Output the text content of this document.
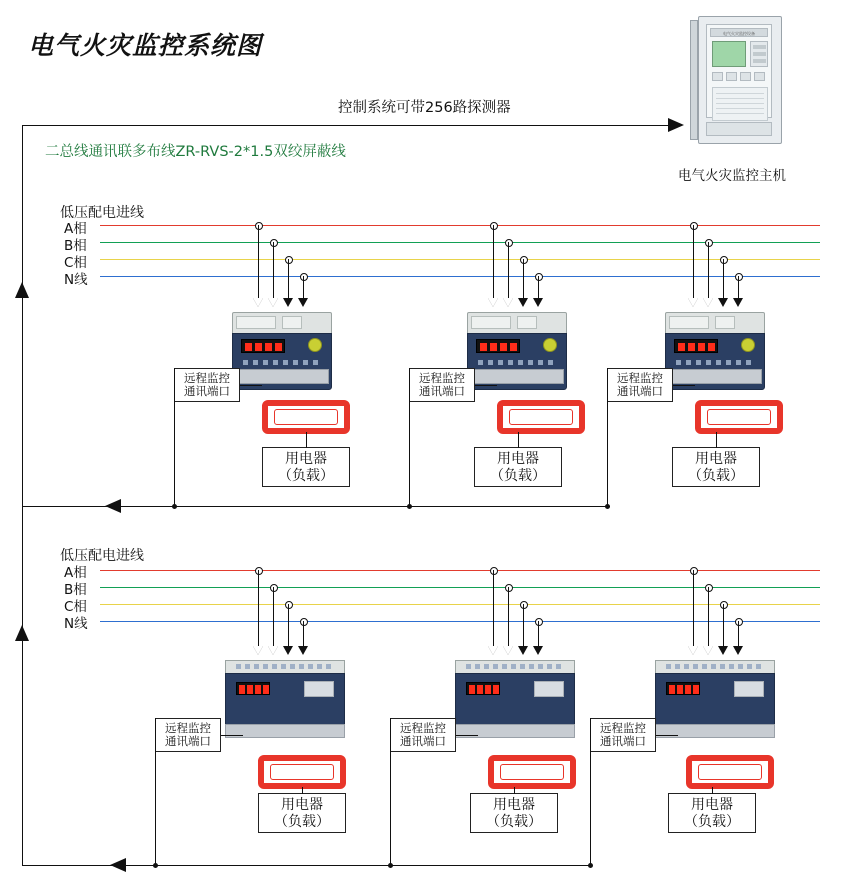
电气火灾监控系统图
控制系统可带256路探测器
二总线通讯联多布线ZR-RVS-2*1.5双绞屏蔽线
电气火灾监控设备
电气火灾监控主机
低压配电进线
A相
B相
C相
N线
远程监控
通讯端口
用电器
（负载）
远程监控
通讯端口
用电器
（负载）
远程监控
通讯端口
用电器
（负载）
低压配电进线
A相
B相
C相
N线
远程监控
通讯端口
用电器
（负载）
远程监控
通讯端口
用电器
（负载）
远程监控
通讯端口
用电器
（负载）
